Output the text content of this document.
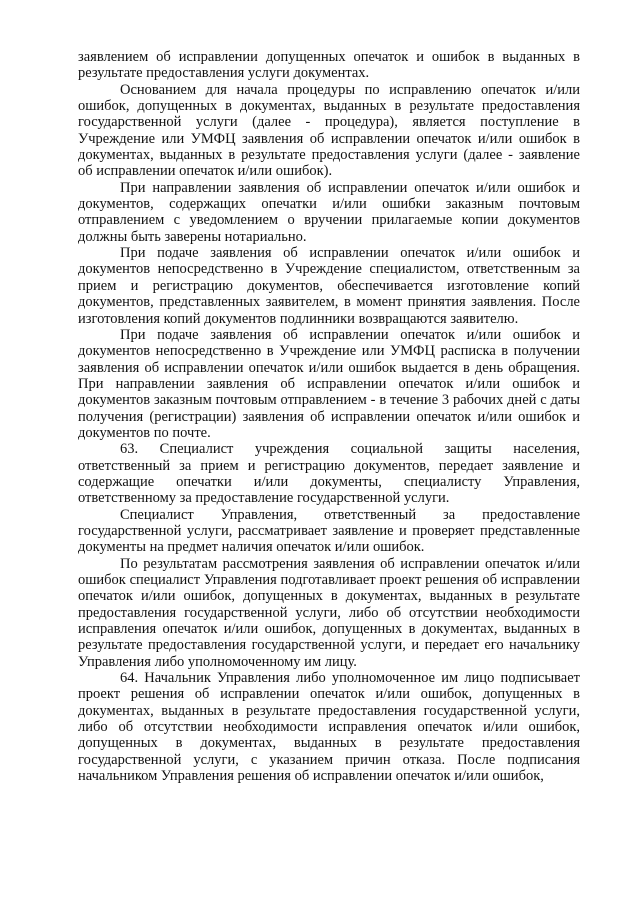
заявлением об исправлении допущенных опечаток и ошибок в выданных в результате предоставления услуги документах.

Основанием для начала процедуры по исправлению опечаток и/или ошибок, допущенных в документах, выданных в результате предоставления государственной услуги (далее - процедура), является поступление в Учреждение или УМФЦ заявления об исправлении опечаток и/или ошибок в документах, выданных в результате предоставления услуги (далее - заявление об исправлении опечаток и/или ошибок).

При направлении заявления об исправлении опечаток и/или ошибок и документов, содержащих опечатки и/или ошибки заказным почтовым отправлением с уведомлением о вручении прилагаемые копии документов должны быть заверены нотариально.

При подаче заявления об исправлении опечаток и/или ошибок и документов непосредственно в Учреждение специалистом, ответственным за прием и регистрацию документов, обеспечивается изготовление копий документов, представленных заявителем, в момент принятия заявления. После изготовления копий документов подлинники возвращаются заявителю.

При подаче заявления об исправлении опечаток и/или ошибок и документов непосредственно в Учреждение или УМФЦ расписка в получении заявления об исправлении опечаток и/или ошибок выдается в день обращения. При направлении заявления об исправлении опечаток и/или ошибок и документов заказным почтовым отправлением - в течение 3 рабочих дней с даты получения (регистрации) заявления об исправлении опечаток и/или ошибок и документов по почте.

63. Специалист учреждения социальной защиты населения, ответственный за прием и регистрацию документов, передает заявление и содержащие опечатки и/или документы, специалисту Управления, ответственному за предоставление государственной услуги.

Специалист Управления, ответственный за предоставление государственной услуги, рассматривает заявление и проверяет представленные документы на предмет наличия опечаток и/или ошибок.

По результатам рассмотрения заявления об исправлении опечаток и/или ошибок специалист Управления подготавливает проект решения об исправлении опечаток и/или ошибок, допущенных в документах, выданных в результате предоставления государственной услуги, либо об отсутствии необходимости исправления опечаток и/или ошибок, допущенных в документах, выданных в результате предоставления государственной услуги, и передает его начальнику Управления либо уполномоченному им лицу.

64. Начальник Управления либо уполномоченное им лицо подписывает проект решения об исправлении опечаток и/или ошибок, допущенных в документах, выданных в результате предоставления государственной услуги, либо об отсутствии необходимости исправления опечаток и/или ошибок, допущенных в документах, выданных в результате предоставления государственной услуги, с указанием причин отказа. После подписания начальником Управления решения об исправлении опечаток и/или ошибок,
